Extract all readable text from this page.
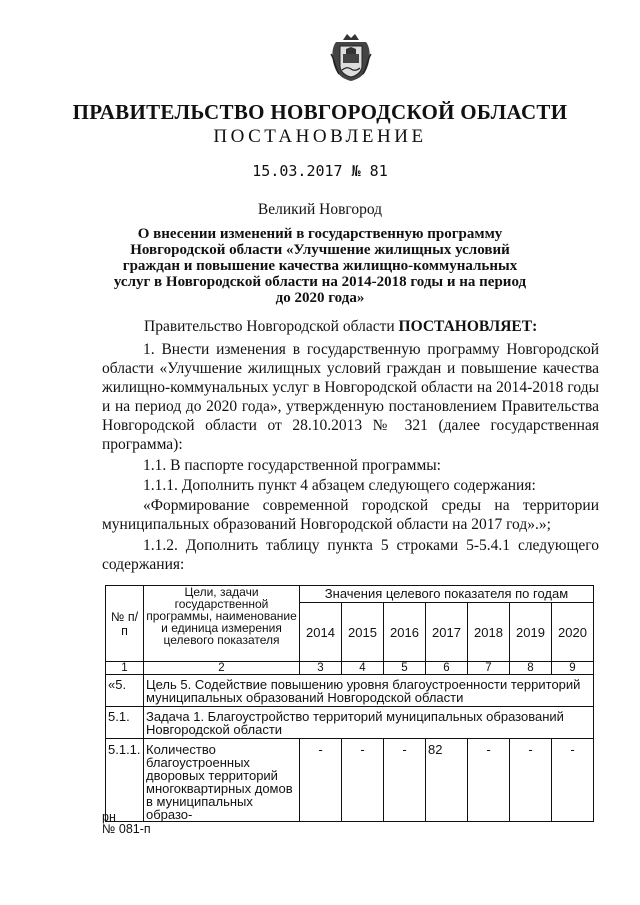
ПРАВИТЕЛЬСТВО НОВГОРОДСКОЙ ОБЛАСТИ
ПОСТАНОВЛЕНИЕ
15.03.2017 № 81
Великий Новгород
О внесении изменений в государственную программу Новгородской области «Улучшение жилищных условий граждан и повышение качества жилищно-коммунальных услуг в Новгородской области на 2014-2018 годы и на период до 2020 года»
Правительство Новгородской области ПОСТАНОВЛЯЕТ:
1. Внести изменения в государственную программу Новгородской области «Улучшение жилищных условий граждан и повышение качества жилищно-коммунальных услуг в Новгородской области на 2014-2018 годы и на период до 2020 года», утвержденную постановлением Правительства Новгородской области от 28.10.2013 № 321 (далее государственная программа):
1.1. В паспорте государственной программы:
1.1.1. Дополнить пункт 4 абзацем следующего содержания:
«Формирование современной городской среды на территории муниципальных образований Новгородской области на 2017 год».»;
1.1.2. Дополнить таблицу пункта 5 строками 5-5.4.1 следующего содержания:
№ п/п	Цели, задачи государственной программы, наименование и единица измерения целевого показателя	Значения целевого показателя по годам						
		2014	2015	2016	2017	2018	2019	2020
1	2	3	4	5	6	7	8	9
«5.	Цель 5. Содействие повышению уровня благоустроенности территорий муниципальных образований Новгородской области							
5.1.	Задача 1. Благоустройство территорий муниципальных образований Новгородской области							
5.1.1.	Количество благоустроенных дворовых территорий многоквартирных домов в муниципальных образо-	-	-	-	82	-	-	-
рн
№ 081-п
